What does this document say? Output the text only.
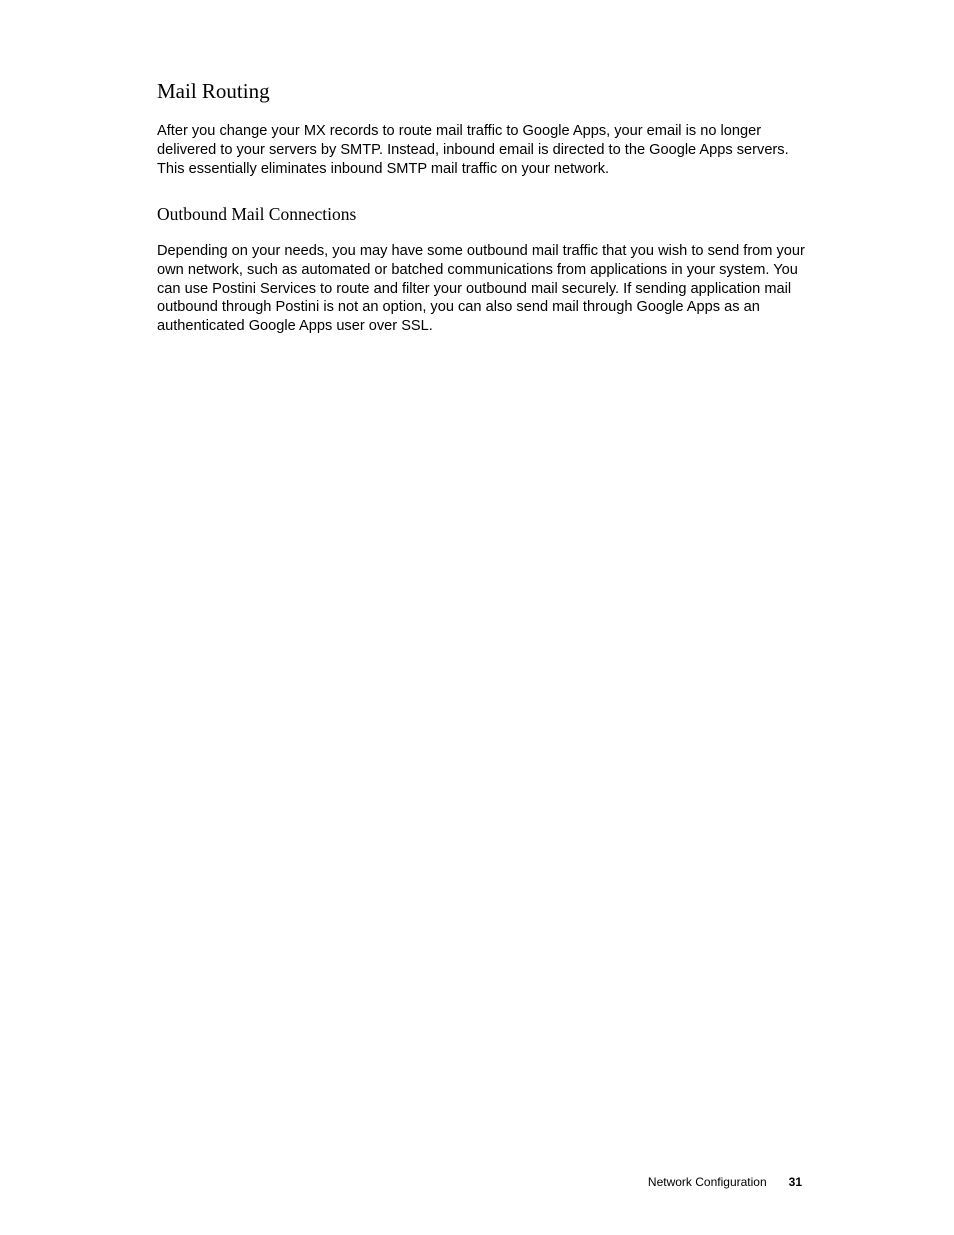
Mail Routing

After you change your MX records to route mail traffic to Google Apps, your email is no longer delivered to your servers by SMTP. Instead, inbound email is directed to the Google Apps servers. This essentially eliminates inbound SMTP mail traffic on your network.

Outbound Mail Connections

Depending on your needs, you may have some outbound mail traffic that you wish to send from your own network, such as automated or batched communications from applications in your system. You can use Postini Services to route and filter your outbound mail securely. If sending application mail outbound through Postini is not an option, you can also send mail through Google Apps as an authenticated Google Apps user over SSL.

Network Configuration 31
